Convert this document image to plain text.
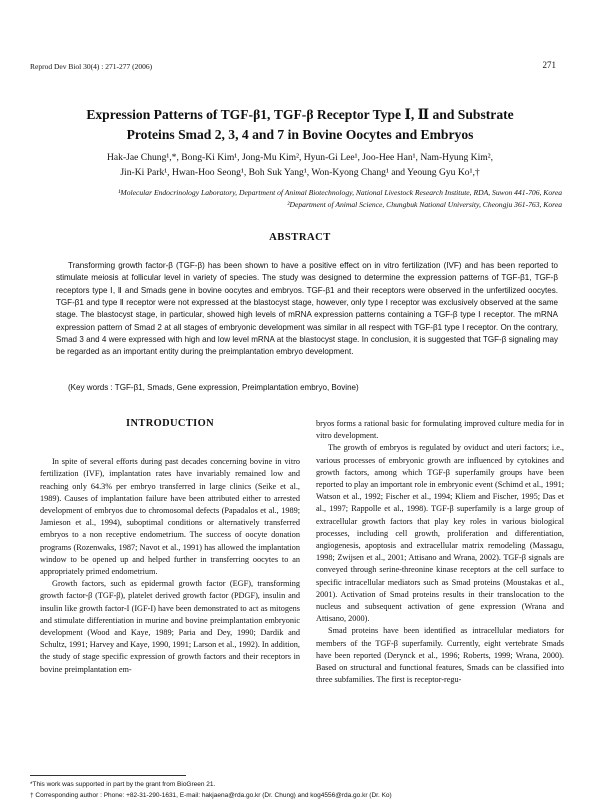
Reprod Dev Biol 30(4) : 271-277 (2006)	271
Expression Patterns of TGF-β1, TGF-β Receptor Type Ⅰ, Ⅱ and Substrate
Proteins Smad 2, 3, 4 and 7 in Bovine Oocytes and Embryos
Hak-Jae Chung¹,*, Bong-Ki Kim¹, Jong-Mu Kim², Hyun-Gi Lee¹, Joo-Hee Han¹, Nam-Hyung Kim²,
Jin-Ki Park¹, Hwan-Hoo Seong¹, Boh Suk Yang¹, Won-Kyong Chang¹ and Yeoung Gyu Ko¹,†
¹Molecular Endocrinology Laboratory, Department of Animal Biotechnology, National Livestock Research Institute, RDA, Suwon 441-706, Korea
²Department of Animal Science, Chungbuk National University, Cheongju 361-763, Korea
ABSTRACT
Transforming growth factor-β (TGF-β) has been shown to have a positive effect on in vitro fertilization (IVF) and has been reported to stimulate meiosis at follicular level in variety of species. The study was designed to determine the expression patterns of TGF-β1, TGF-β receptors type Ⅰ, Ⅱ and Smads gene in bovine oocytes and embryos. TGF-β1 and their receptors were observed in the unfertilized oocytes. TGF-β1 and type Ⅱ receptor were not expressed at the blastocyst stage, however, only type I receptor was exclusively observed at the same stage. The blastocyst stage, in particular, showed high levels of mRNA expression patterns containing a TGF-β type Ⅰ receptor. The mRNA expression pattern of Smad 2 at all stages of embryonic development was similar in all respect with TGF-β1 type I receptor. On the contrary, Smad 3 and 4 were expressed with high and low level mRNA at the blastocyst stage. In conclusion, it is suggested that TGF-β signaling may be regarded as an important entity during the preimplantation embryo development.
(Key words : TGF-β1, Smads, Gene expression, Preimplantation embryo, Bovine)
INTRODUCTION

In spite of several efforts during past decades concerning bovine in vitro fertilization (IVF), implantation rates have invariably remained low and reaching only 64.3% per embryo transferred in large clinics (Seike et al., 1989). Causes of implantation failure have been attributed either to arrested development of embryos due to chromosomal defects (Papadalos et al., 1989; Jamieson et al., 1994), suboptimal conditions or alternatively transferred embryos to a non receptive endometrium. The success of oocyte donation programs (Rozenwaks, 1987; Navot et al., 1991) has allowed the implantation window to be opened up and helped further in transferring oocytes to an appropriately primed endometrium.

Growth factors, such as epidermal growth factor (EGF), transforming growth factor-β (TGF-β), platelet derived growth factor (PDGF), insulin and insulin like growth factor-I (IGF-I) have been demonstrated to act as mitogens and stimulate differentiation in murine and bovine preimplantation embryonic development (Wood and Kaye, 1989; Paria and Dey, 1990; Dardik and Schultz, 1991; Harvey and Kaye, 1990, 1991; Larson et al., 1992). In addition, the study of stage specific expression of growth factors and their receptors in bovine preimplantation em-

bryos forms a rational basic for formulating improved culture media for in vitro development.

The growth of embryos is regulated by oviduct and uteri factors; i.e., various processes of embryonic growth are influenced by cytokines and growth factors, among which TGF-β superfamily groups have been reported to play an important role in embryonic event (Schimd et al., 1991; Watson et al., 1992; Fischer et al., 1994; Kliem and Fischer, 1995; Das et al., 1997; Rappolle et al., 1998). TGF-β superfamily is a large group of extracellular growth factors that play key roles in various biological processes, including cell growth, proliferation and differentiation, angiogenesis, apoptosis and extracellular matrix remodeling (Massagu, 1998; Zwijsen et al., 2001; Attisano and Wrana, 2002). TGF-β signals are conveyed through serine-threonine kinase receptors at the cell surface to specific intracellular mediators such as Smad proteins (Moustakas et al., 2001). Activation of Smad proteins results in their translocation to the nucleus and subsequent activation of gene expression (Wrana and Attisano, 2000).

Smad proteins have been identified as intracellular mediators for members of the TGF-β superfamily. Currently, eight vertebrate Smads have been reported (Derynck et al., 1996; Roberts, 1999; Wrana, 2000). Based on structural and functional features, Smads can be classified into three subfamilies. The first is receptor-regu-

*This work was supported in part by the grant from BioGreen 21.
† Corresponding author : Phone: +82-31-290-1631, E-mail: hakjaena@rda.go.kr (Dr. Chung) and kog4556@rda.go.kr (Dr. Ko)
